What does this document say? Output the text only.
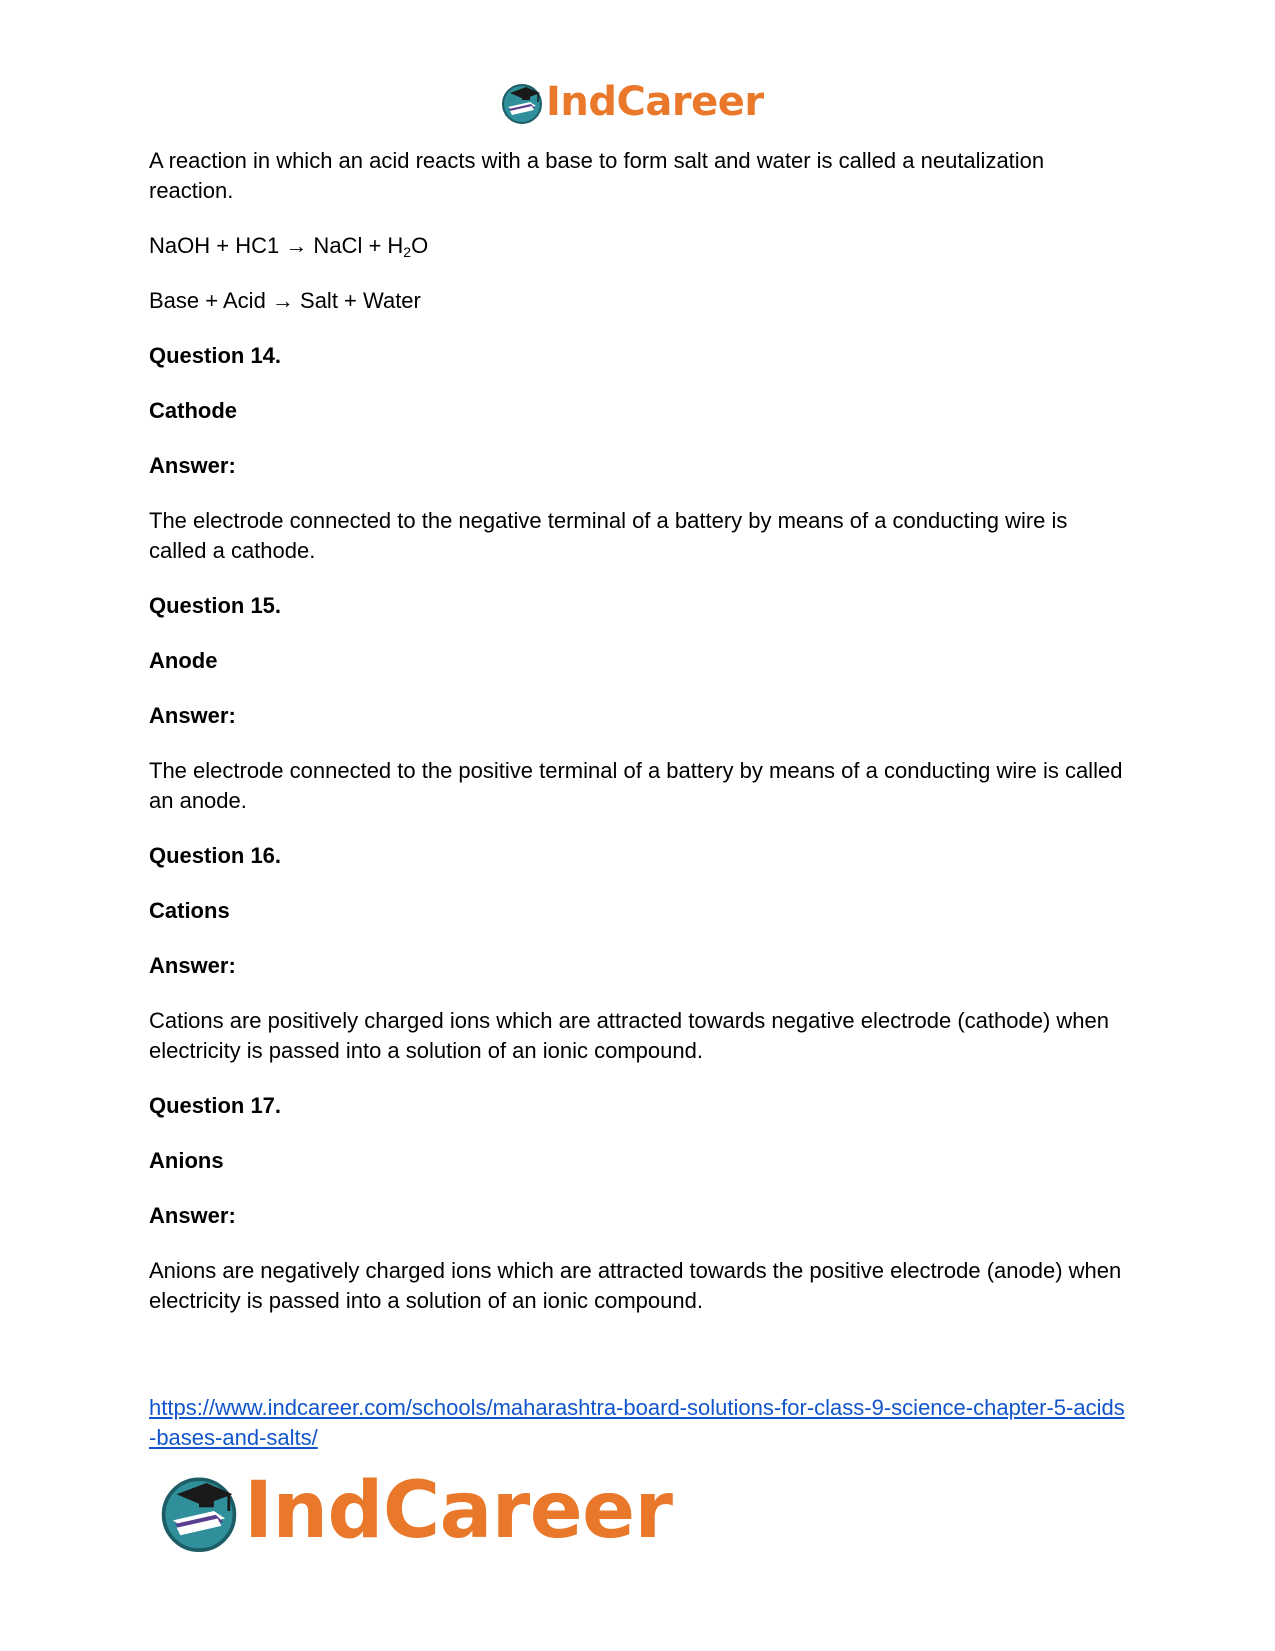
IndCareer

A reaction in which an acid reacts with a base to form salt and water is called a neutalization reaction.

NaOH + HC1 → NaCl + $H_2O$

Base + Acid → Salt + Water

Question 14.

Cathode

Answer:

The electrode connected to the negative terminal of a battery by means of a conducting wire is called a cathode.

Question 15.

Anode

Answer:

The electrode connected to the positive terminal of a battery by means of a conducting wire is called an anode.

Question 16.

Cations

Answer:

Cations are positively charged ions which are attracted towards negative electrode (cathode) when electricity is passed into a solution of an ionic compound.

Question 17.

Anions

Answer:

Anions are negatively charged ions which are attracted towards the positive electrode (anode) when electricity is passed into a solution of an ionic compound.

https://www.indcareer.com/schools/maharashtra-board-solutions-for-class-9-science-chapter-5-acids-bases-and-salts/
IndCareer
